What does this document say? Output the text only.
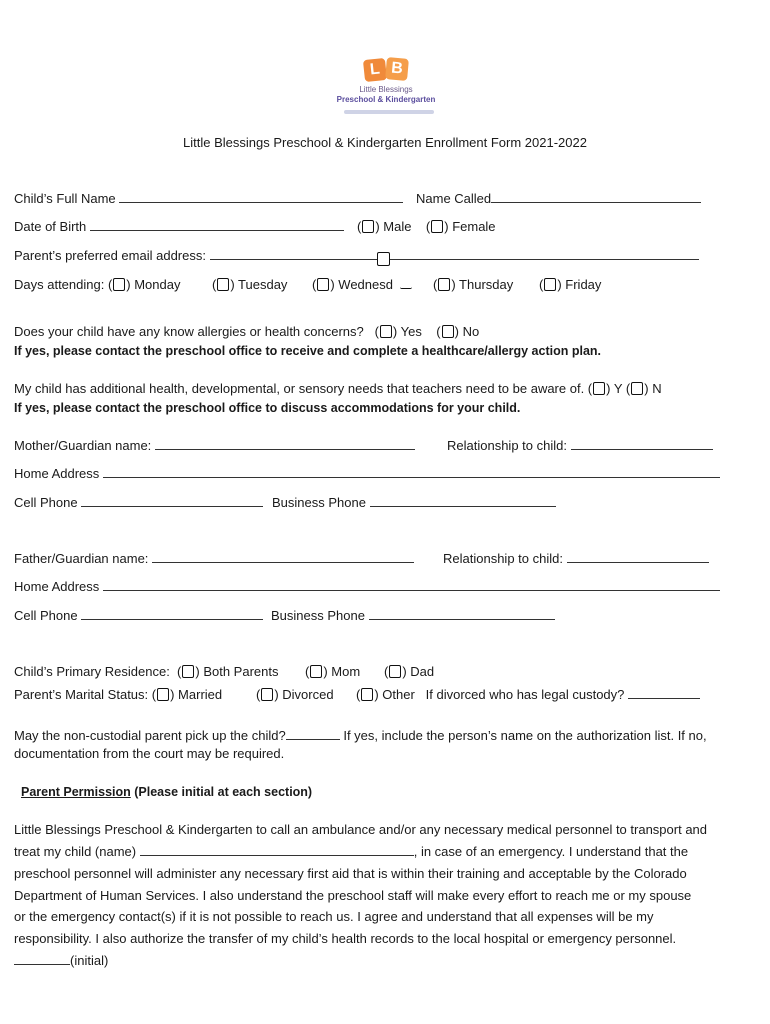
L B
Little Blessings
Preschool & Kindergarten
Little Blessings Preschool & Kindergarten Enrollment Form 2021-2022
Child’s Full Name	Name Called
Date of Birth	( ) Male    ( ) Female
Parent’s preferred email address:
Days attending: ( ) Monday ( ) Tuesday ( ) Wednesd	( ) Thursday ( ) Friday
Does your child have any know allergies or health concerns?   ( ) Yes    ( ) No
If yes, please contact the preschool office to receive and complete a healthcare/allergy action plan.
My child has additional health, developmental, or sensory needs that teachers need to be aware of. ( ) Y ( ) N
If yes, please contact the preschool office to discuss accommodations for your child.
Mother/Guardian name:	Relationship to child:
Home Address
Cell Phone	Business Phone
Father/Guardian name:	Relationship to child:
Home Address
Cell Phone	Business Phone
Child’s Primary Residence:  ( ) Both Parents ( ) Mom ( ) Dad
Parent’s Marital Status: ( ) Married	( ) Divorced ( ) Other If divorced who has legal custody?
May the non-custodial parent pick up the child?	If yes, include the person’s name on the authorization list. If no,
documentation from the court may be required.
Parent Permission (Please initial at each section)
Little Blessings Preschool & Kindergarten to call an ambulance and/or any necessary medical personnel to transport and
treat my child (name)	, in case of an emergency. I understand that the
preschool personnel will administer any necessary first aid that is within their training and acceptable by the Colorado
Department of Human Services. I also understand the preschool staff will make every effort to reach me or my spouse
or the emergency contact(s) if it is not possible to reach us. I agree and understand that all expenses will be my
responsibility. I also authorize the transfer of my child’s health records to the local hospital or emergency personnel.
(initial)
